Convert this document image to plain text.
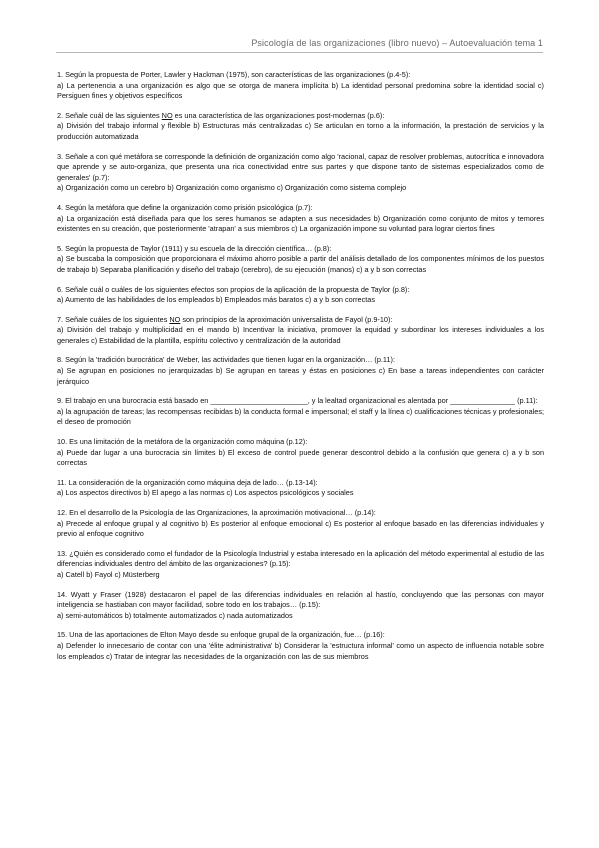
Psicología de las organizaciones (libro nuevo) – Autoevaluación tema 1
1. Según la propuesta de Porter, Lawler y Hackman (1975), son características de las organizaciones (p.4-5):
a) La pertenencia a una organización es algo que se otorga de manera implícita b) La identidad personal predomina sobre la identidad social c) Persiguen fines y objetivos específicos
2. Señale cuál de las siguientes NO es una característica de las organizaciones post-modernas (p.6):
a) División del trabajo informal y flexible b) Estructuras más centralizadas c) Se articulan en torno a la información, la prestación de servicios y la producción automatizada
3. Señale a con qué metáfora se corresponde la definición de organización como algo 'racional, capaz de resolver problemas, autocrítica e innovadora que aprende y se auto-organiza, que presenta una rica conectividad entre sus partes y que dispone tanto de sistemas especializados como de generales' (p.7):
a) Organización como un cerebro b) Organización como organismo c) Organización como sistema complejo
4. Según la metáfora que define la organización como prisión psicológica (p.7):
a) La organización está diseñada para que los seres humanos se adapten a sus necesidades b) Organización como conjunto de mitos y temores existentes en su creación, que posteriormente 'atrapan' a sus miembros c) La organización impone su voluntad para lograr ciertos fines
5. Según la propuesta de Taylor (1911) y su escuela de la dirección científica… (p.8):
a) Se buscaba la composición que proporcionara el máximo ahorro posible a partir del análisis detallado de los componentes mínimos de los puestos de trabajo b) Separaba planificación y diseño del trabajo (cerebro), de su ejecución (manos) c) a y b son correctas
6. Señale cuál o cuáles de los siguientes efectos son propios de la aplicación de la propuesta de Taylor (p.8):
a) Aumento de las habilidades de los empleados b) Empleados más baratos c) a y b son correctas
7. Señale cuáles de los siguientes NO son principios de la aproximación universalista de Fayol (p.9-10):
a) División del trabajo y multiplicidad en el mando b) Incentivar la iniciativa, promover la equidad y subordinar los intereses individuales a los generales c) Estabilidad de la plantilla, espíritu colectivo y centralización de la autoridad
8. Según la 'tradición burocrática' de Weber, las actividades que tienen lugar en la organización… (p.11):
a) Se agrupan en posiciones no jerarquizadas b) Se agrupan en tareas y éstas en posiciones c) En base a tareas independientes con carácter jerárquico
9. El trabajo en una burocracia está basado en ________________________, y la lealtad organizacional es alentada por ________________ (p.11):
a) la agrupación de tareas; las recompensas recibidas b) la conducta formal e impersonal; el staff y la línea c) cualificaciones técnicas y profesionales; el deseo de promoción
10. Es una limitación de la metáfora de la organización como máquina (p.12):
a) Puede dar lugar a una burocracia sin límites b) El exceso de control puede generar descontrol debido a la confusión que genera c) a y b son correctas
11. La consideración de la organización como máquina deja de lado… (p.13-14):
a) Los aspectos directivos b) El apego a las normas c) Los aspectos psicológicos y sociales
12. En el desarrollo de la Psicología de las Organizaciones, la aproximación motivacional… (p.14):
a) Precede al enfoque grupal y al cognitivo b) Es posterior al enfoque emocional c) Es posterior al enfoque basado en las diferencias individuales y previo al enfoque cognitivo
13. ¿Quién es considerado como el fundador de la Psicología Industrial y estaba interesado en la aplicación del método experimental al estudio de las diferencias individuales dentro del ámbito de las organizaciones? (p.15):
a) Catell b) Fayol c) Müsterberg
14. Wyatt y Fraser (1928) destacaron el papel de las diferencias individuales en relación al hastío, concluyendo que las personas con mayor inteligencia se hastiaban con mayor facilidad, sobre todo en los trabajos… (p.15):
a) semi-automáticos b) totalmente automatizados c) nada automatizados
15. Una de las aportaciones de Elton Mayo desde su enfoque grupal de la organización, fue… (p.16):
a) Defender lo innecesario de contar con una 'élite administrativa' b) Considerar la 'estructura informal' como un aspecto de influencia notable sobre los empleados c) Tratar de integrar las necesidades de la organización con las de sus miembros
